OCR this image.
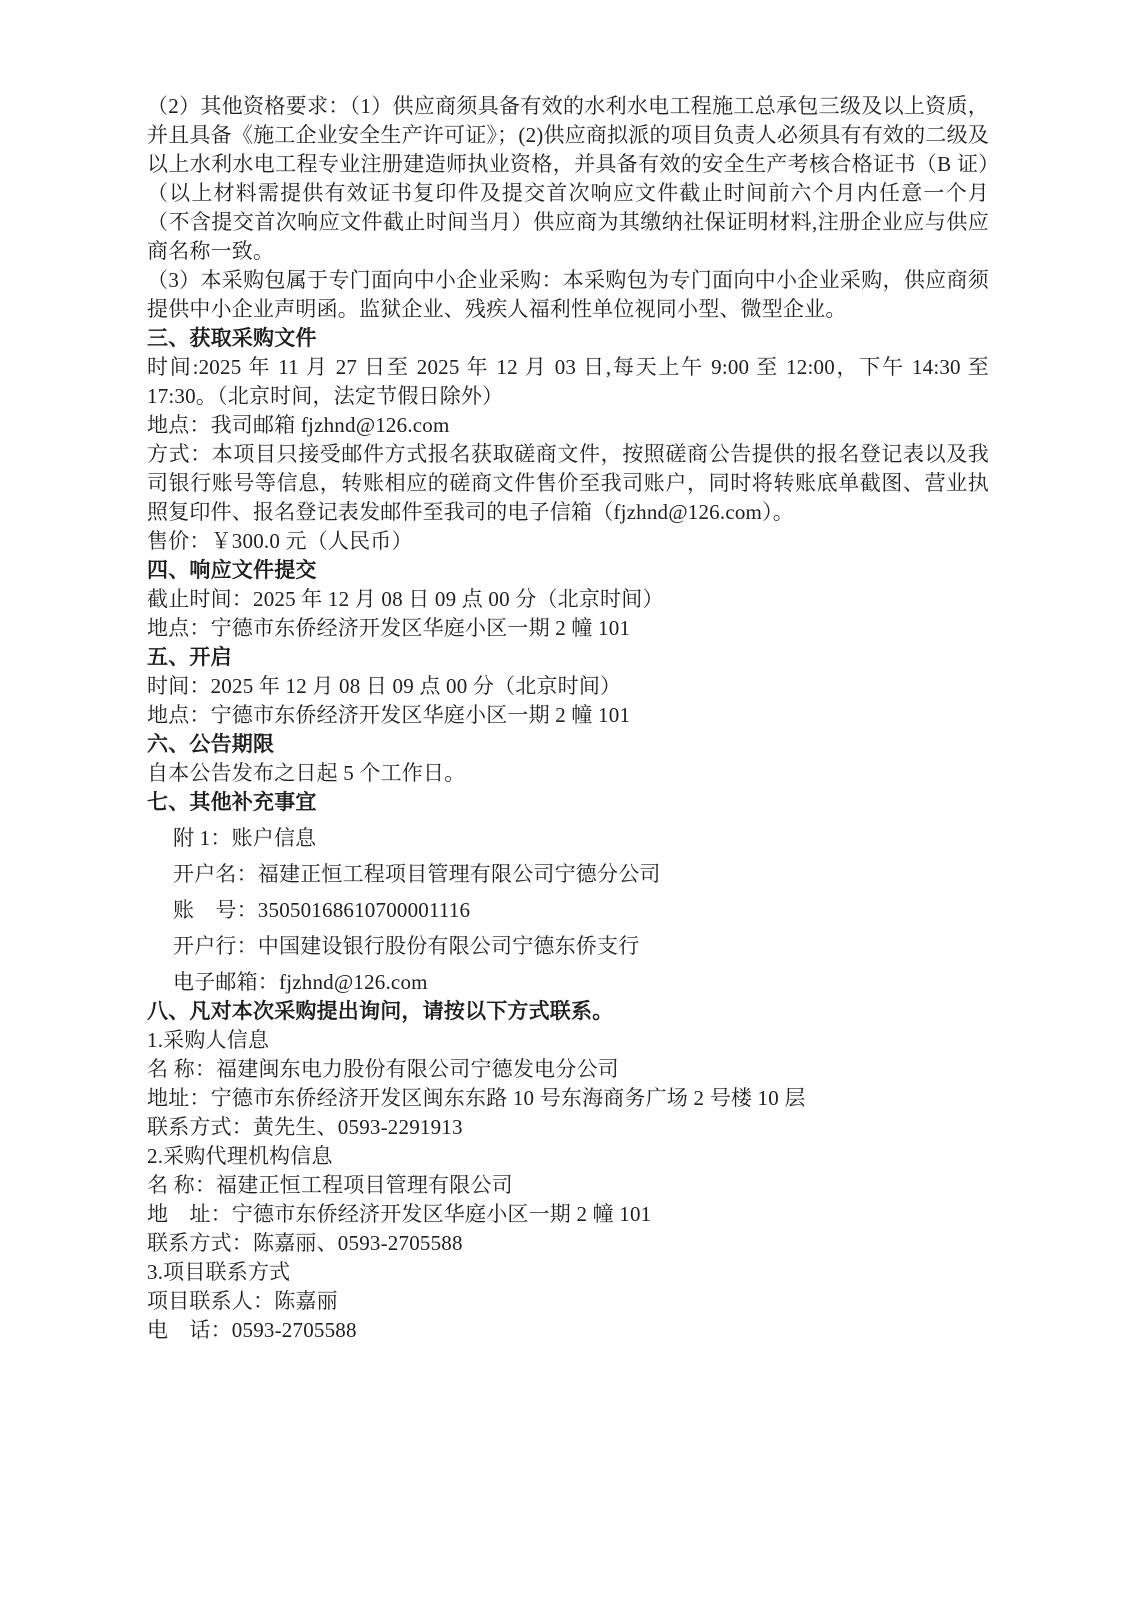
（2）其他资格要求：（1）供应商须具备有效的水利水电工程施工总承包三级及以上资质，并且具备《施工企业安全生产许可证》；(2)供应商拟派的项目负责人必须具有有效的二级及以上水利水电工程专业注册建造师执业资格，并具备有效的安全生产考核合格证书（B 证）（以上材料需提供有效证书复印件及提交首次响应文件截止时间前六个月内任意一个月（不含提交首次响应文件截止时间当月）供应商为其缴纳社保证明材料,注册企业应与供应商名称一致。

（3）本采购包属于专门面向中小企业采购：本采购包为专门面向中小企业采购，供应商须提供中小企业声明函。监狱企业、残疾人福利性单位视同小型、微型企业。

三、获取采购文件

时间:2025 年 11 月 27 日至 2025 年 12 月 03 日,每天上午 9:00 至 12:00，下午 14:30 至 17:30。（北京时间，法定节假日除外）

地点：我司邮箱 fjzhnd@126.com

方式：本项目只接受邮件方式报名获取磋商文件，按照磋商公告提供的报名登记表以及我司银行账号等信息，转账相应的磋商文件售价至我司账户，同时将转账底单截图、营业执照复印件、报名登记表发邮件至我司的电子信箱（fjzhnd@126.com）。

售价：￥300.0 元（人民币）

四、响应文件提交

截止时间：2025 年 12 月 08 日 09 点 00 分（北京时间）

地点：宁德市东侨经济开发区华庭小区一期 2 幢 101

五、开启

时间：2025 年 12 月 08 日 09 点 00 分（北京时间）

地点：宁德市东侨经济开发区华庭小区一期 2 幢 101

六、公告期限

自本公告发布之日起 5 个工作日。

七、其他补充事宜

附 1：账户信息

开户名：福建正恒工程项目管理有限公司宁德分公司

账　号：35050168610700001116

开户行：中国建设银行股份有限公司宁德东侨支行

电子邮箱：fjzhnd@126.com

八、凡对本次采购提出询问，请按以下方式联系。

1.采购人信息

名 称：福建闽东电力股份有限公司宁德发电分公司

地址：宁德市东侨经济开发区闽东东路 10 号东海商务广场 2 号楼 10 层

联系方式：黄先生、0593-2291913

2.采购代理机构信息

名 称：福建正恒工程项目管理有限公司

地　址：宁德市东侨经济开发区华庭小区一期 2 幢 101

联系方式：陈嘉丽、0593-2705588

3.项目联系方式

项目联系人：陈嘉丽

电　话：0593-2705588
